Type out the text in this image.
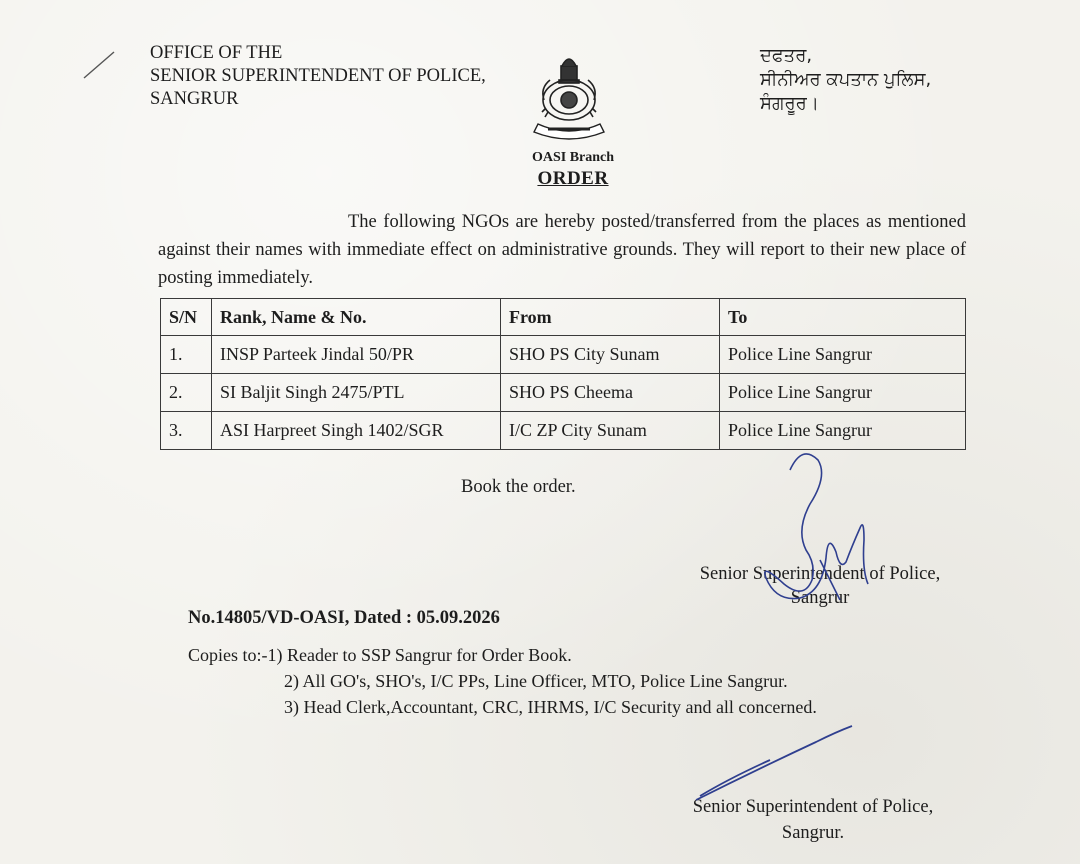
OFFICE OF THE
SENIOR SUPERINTENDENT OF POLICE,
SANGRUR
ਦਫਤਰ,
ਸੀਨੀਅਰ ਕਪਤਾਨ ਪੁਲਿਸ,
ਸੰਗਰੂਰ।
OASI Branch
ORDER
The following NGOs are hereby posted/transferred from the places as mentioned against their names with immediate effect on administrative grounds. They will report to their new place of posting immediately.
S/N	Rank, Name & No.	From	To
1.	INSP Parteek Jindal 50/PR	SHO PS City Sunam	Police Line Sangrur
2.	SI Baljit Singh 2475/PTL	SHO PS Cheema	Police Line Sangrur
3.	ASI Harpreet Singh 1402/SGR	I/C ZP City Sunam	Police Line Sangrur
Book the order.
Senior Superintendent of Police,
Sangrur
No.14805/VD-OASI, Dated : 05.09.2026
Copies to:-1) Reader to SSP Sangrur for Order Book.
2) All GO's, SHO's, I/C PPs, Line Officer, MTO, Police Line Sangrur.
3) Head Clerk,Accountant, CRC, IHRMS, I/C Security and all concerned.
Senior Superintendent of Police,
Sangrur.
